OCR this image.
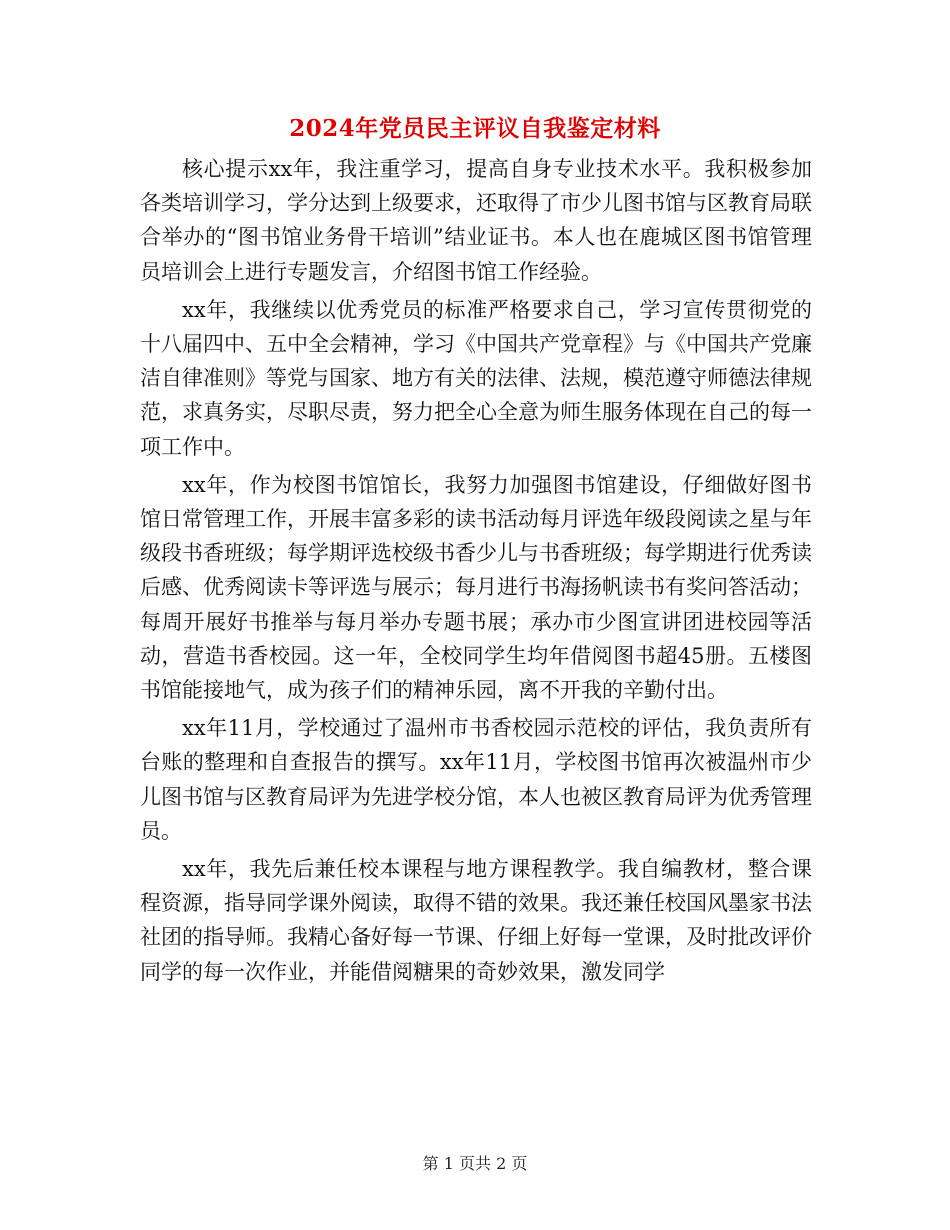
2024年党员民主评议自我鉴定材料

核心提示xx年，我注重学习，提高自身专业技术水平。我积极参加各类培训学习，学分达到上级要求，还取得了市少儿图书馆与区教育局联合举办的“图书馆业务骨干培训”结业证书。本人也在鹿城区图书馆管理员培训会上进行专题发言，介绍图书馆工作经验。

xx年，我继续以优秀党员的标准严格要求自己，学习宣传贯彻党的十八届四中、五中全会精神，学习《中国共产党章程》与《中国共产党廉洁自律准则》等党与国家、地方有关的法律、法规，模范遵守师德法律规范，求真务实，尽职尽责，努力把全心全意为师生服务体现在自己的每一项工作中。

xx年，作为校图书馆馆长，我努力加强图书馆建设，仔细做好图书馆日常管理工作，开展丰富多彩的读书活动每月评选年级段阅读之星与年级段书香班级；每学期评选校级书香少儿与书香班级；每学期进行优秀读后感、优秀阅读卡等评选与展示；每月进行书海扬帆读书有奖问答活动；每周开展好书推举与每月举办专题书展；承办市少图宣讲团进校园等活动，营造书香校园。这一年，全校同学生均年借阅图书超45册。五楼图书馆能接地气，成为孩子们的精神乐园，离不开我的辛勤付出。

xx年11月，学校通过了温州市书香校园示范校的评估，我负责所有台账的整理和自查报告的撰写。xx年11月，学校图书馆再次被温州市少儿图书馆与区教育局评为先进学校分馆，本人也被区教育局评为优秀管理员。

xx年，我先后兼任校本课程与地方课程教学。我自编教材，整合课程资源，指导同学课外阅读，取得不错的效果。我还兼任校国风墨家书法社团的指导师。我精心备好每一节课、仔细上好每一堂课，及时批改评价同学的每一次作业，并能借阅糖果的奇妙效果，激发同学

第 1 页共 2 页
